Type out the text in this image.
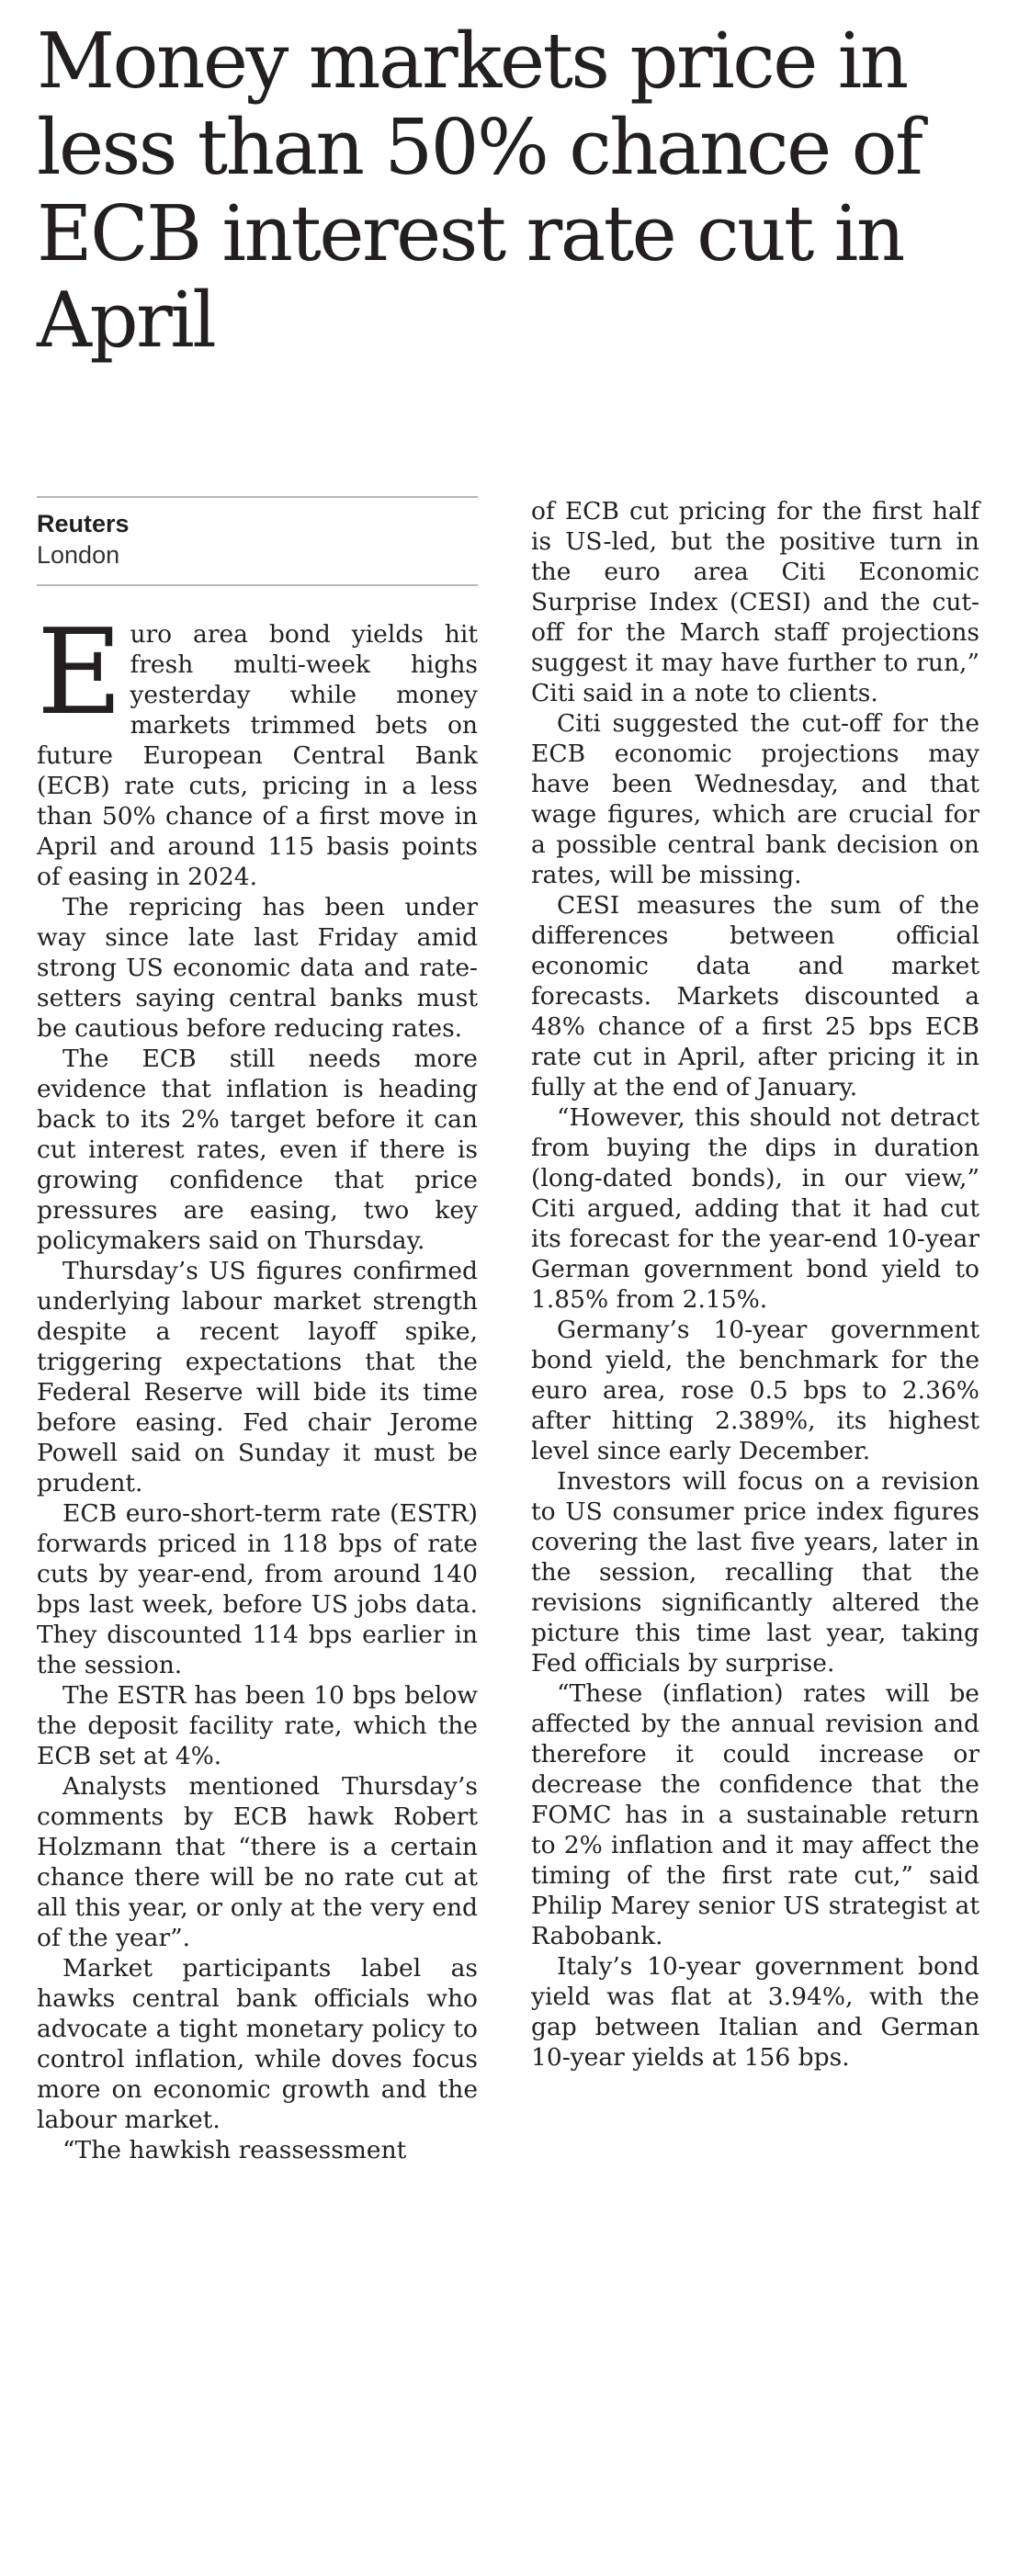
Money markets price in less than 50% chance of ECB interest rate cut in April
Reuters
London

Euro area bond yields hit fresh multi-week highs yesterday while money markets trimmed bets on future European Central Bank (ECB) rate cuts, pricing in a less than 50% chance of a first move in April and around 115 basis points of easing in 2024.

The repricing has been under way since late last Friday amid strong US economic data and rate-setters saying central banks must be cautious before reducing rates.

The ECB still needs more evidence that inflation is heading back to its 2% target before it can cut interest rates, even if there is growing confidence that price pressures are easing, two key policymakers said on Thursday.

Thursday’s US figures confirmed underlying labour market strength despite a recent layoff spike, triggering expectations that the Federal Reserve will bide its time before easing. Fed chair Jerome Powell said on Sunday it must be prudent.

ECB euro-short-term rate (ESTR) forwards priced in 118 bps of rate cuts by year-end, from around 140 bps last week, before US jobs data. They discounted 114 bps earlier in the session.

The ESTR has been 10 bps below the deposit facility rate, which the ECB set at 4%.

Analysts mentioned Thursday’s comments by ECB hawk Robert Holzmann that “there is a certain chance there will be no rate cut at all this year, or only at the very end of the year”.

Market participants label as hawks central bank officials who advocate a tight monetary policy to control inflation, while doves focus more on economic growth and the labour market.

“The hawkish reassessment

of ECB cut pricing for the first half is US-led, but the positive turn in the euro area Citi Economic Surprise Index (CESI) and the cut-off for the March staff projections suggest it may have further to run,” Citi said in a note to clients.

Citi suggested the cut-off for the ECB economic projections may have been Wednesday, and that wage figures, which are crucial for a possible central bank decision on rates, will be missing.

CESI measures the sum of the differences between official economic data and market forecasts. Markets discounted a 48% chance of a first 25 bps ECB rate cut in April, after pricing it in fully at the end of January.

“However, this should not detract from buying the dips in duration (long-dated bonds), in our view,” Citi argued, adding that it had cut its forecast for the year-end 10-year German government bond yield to 1.85% from 2.15%.

Germany’s 10-year government bond yield, the benchmark for the euro area, rose 0.5 bps to 2.36% after hitting 2.389%, its highest level since early December.

Investors will focus on a revision to US consumer price index figures covering the last five years, later in the session, recalling that the revisions significantly altered the picture this time last year, taking Fed officials by surprise.

“These (inflation) rates will be affected by the annual revision and therefore it could increase or decrease the confidence that the FOMC has in a sustainable return to 2% inflation and it may affect the timing of the first rate cut,” said Philip Marey senior US strategist at Rabobank.

Italy’s 10-year government bond yield was flat at 3.94%, with the gap between Italian and German 10-year yields at 156 bps.
